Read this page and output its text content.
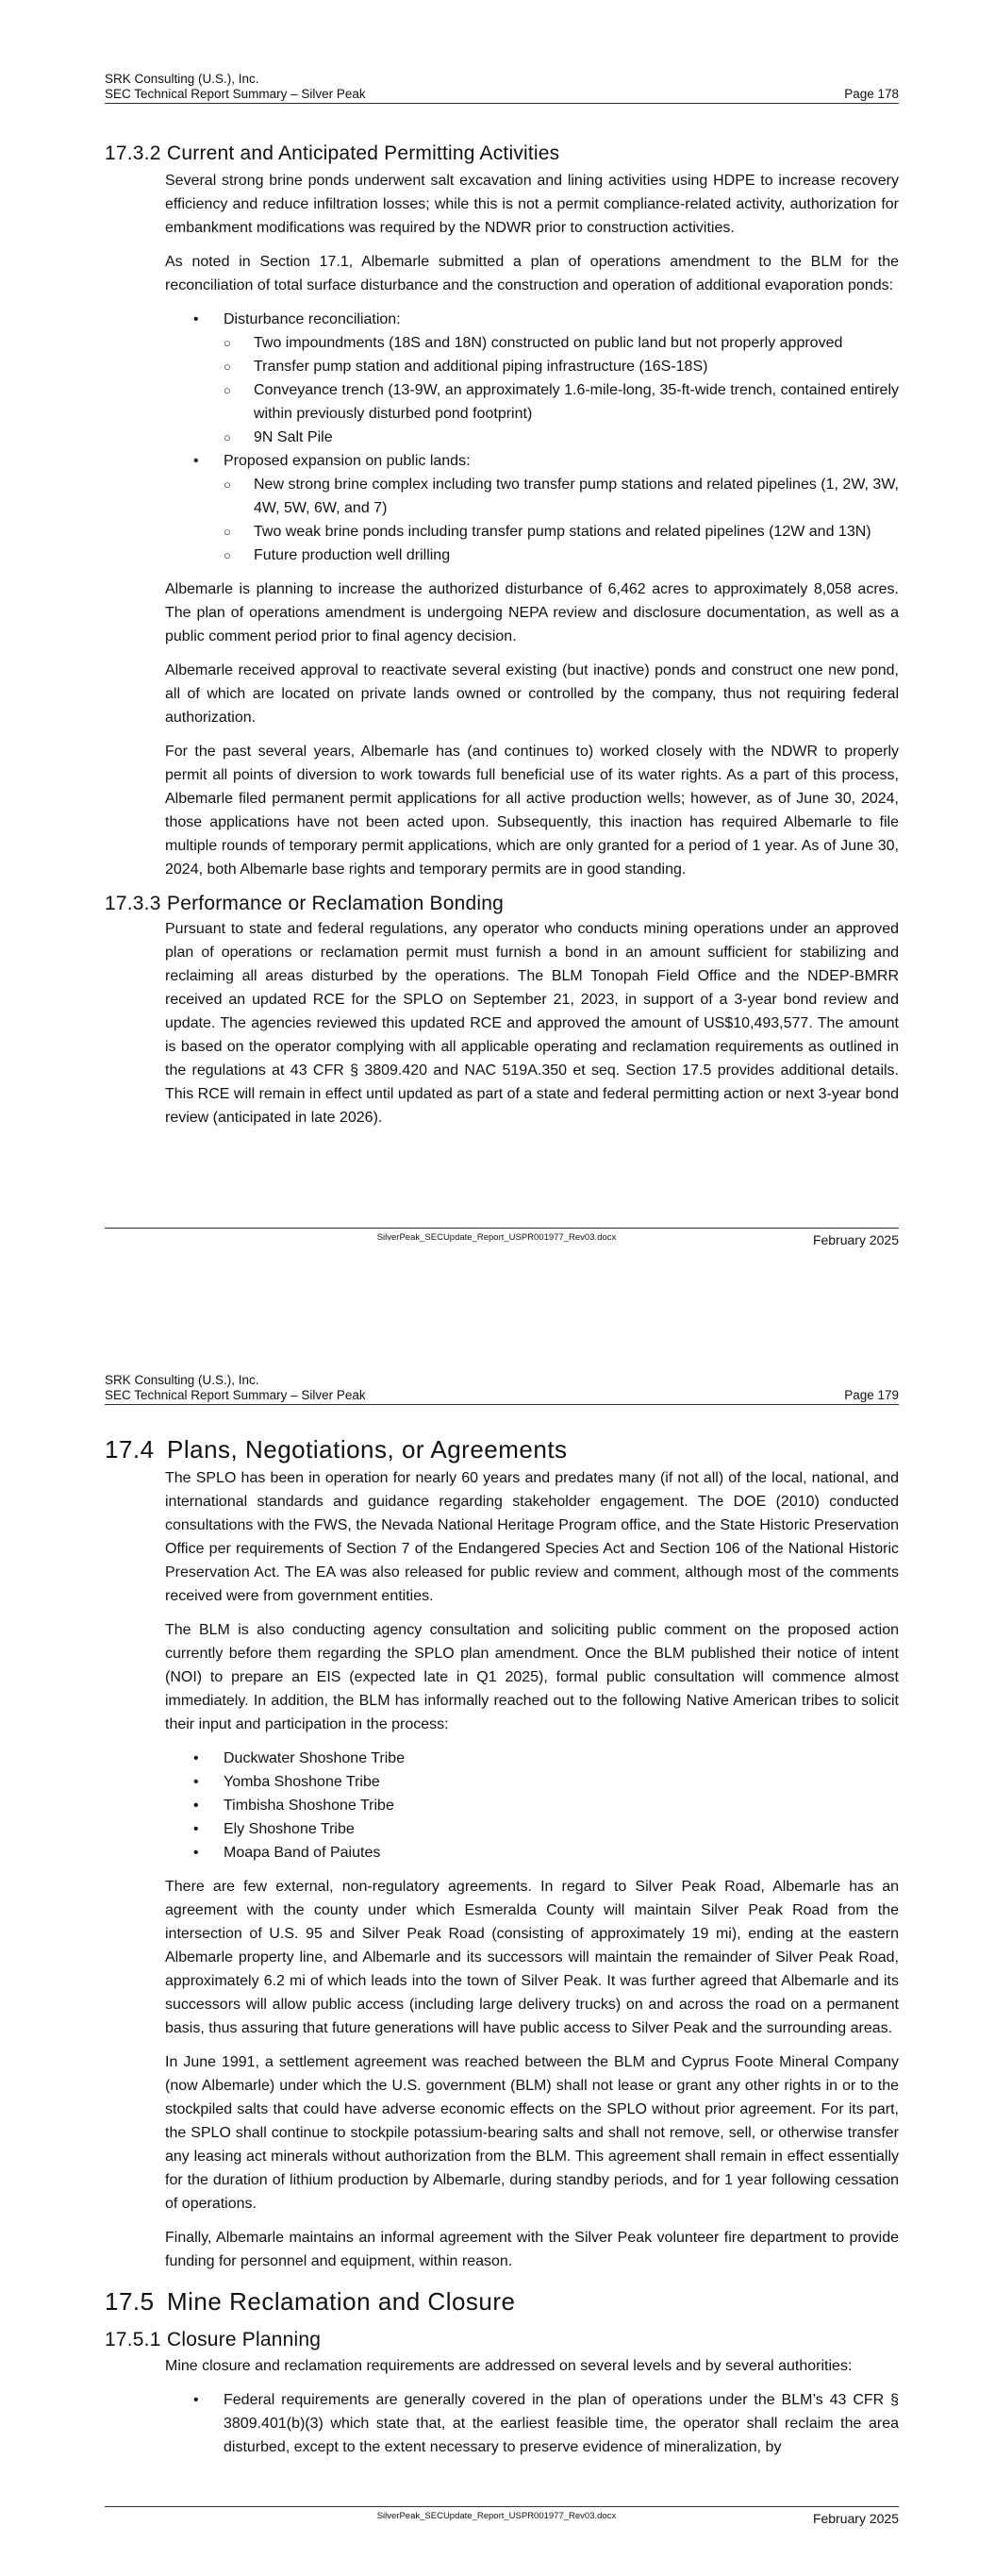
SRK Consulting (U.S.), Inc.
SEC Technical Report Summary – Silver Peak	Page 178
17.3.2 Current and Anticipated Permitting Activities

Several strong brine ponds underwent salt excavation and lining activities using HDPE to increase recovery efficiency and reduce infiltration losses; while this is not a permit compliance-related activity, authorization for embankment modifications was required by the NDWR prior to construction activities.

As noted in Section 17.1, Albemarle submitted a plan of operations amendment to the BLM for the reconciliation of total surface disturbance and the construction and operation of additional evaporation ponds:

• Disturbance reconciliation:
○ Two impoundments (18S and 18N) constructed on public land but not properly approved
○ Transfer pump station and additional piping infrastructure (16S-18S)
○ Conveyance trench (13-9W, an approximately 1.6-mile-long, 35-ft-wide trench, contained entirely within previously disturbed pond footprint)
○ 9N Salt Pile
• Proposed expansion on public lands:
○ New strong brine complex including two transfer pump stations and related pipelines (1, 2W, 3W, 4W, 5W, 6W, and 7)
○ Two weak brine ponds including transfer pump stations and related pipelines (12W and 13N)
○ Future production well drilling

Albemarle is planning to increase the authorized disturbance of 6,462 acres to approximately 8,058 acres. The plan of operations amendment is undergoing NEPA review and disclosure documentation, as well as a public comment period prior to final agency decision.

Albemarle received approval to reactivate several existing (but inactive) ponds and construct one new pond, all of which are located on private lands owned or controlled by the company, thus not requiring federal authorization.

For the past several years, Albemarle has (and continues to) worked closely with the NDWR to properly permit all points of diversion to work towards full beneficial use of its water rights. As a part of this process, Albemarle filed permanent permit applications for all active production wells; however, as of June 30, 2024, those applications have not been acted upon. Subsequently, this inaction has required Albemarle to file multiple rounds of temporary permit applications, which are only granted for a period of 1 year. As of June 30, 2024, both Albemarle base rights and temporary permits are in good standing.

17.3.3 Performance or Reclamation Bonding

Pursuant to state and federal regulations, any operator who conducts mining operations under an approved plan of operations or reclamation permit must furnish a bond in an amount sufficient for stabilizing and reclaiming all areas disturbed by the operations. The BLM Tonopah Field Office and the NDEP-BMRR received an updated RCE for the SPLO on September 21, 2023, in support of a 3-year bond review and update. The agencies reviewed this updated RCE and approved the amount of US$10,493,577. The amount is based on the operator complying with all applicable operating and reclamation requirements as outlined in the regulations at 43 CFR § 3809.420 and NAC 519A.350 et seq. Section 17.5 provides additional details. This RCE will remain in effect until updated as part of a state and federal permitting action or next 3-year bond review (anticipated in late 2026).

SilverPeak_SECUpdate_Report_USPR001977_Rev03.docx	February 2025
SRK Consulting (U.S.), Inc.
SEC Technical Report Summary – Silver Peak	Page 179
17.4 Plans, Negotiations, or Agreements

The SPLO has been in operation for nearly 60 years and predates many (if not all) of the local, national, and international standards and guidance regarding stakeholder engagement. The DOE (2010) conducted consultations with the FWS, the Nevada National Heritage Program office, and the State Historic Preservation Office per requirements of Section 7 of the Endangered Species Act and Section 106 of the National Historic Preservation Act. The EA was also released for public review and comment, although most of the comments received were from government entities.

The BLM is also conducting agency consultation and soliciting public comment on the proposed action currently before them regarding the SPLO plan amendment. Once the BLM published their notice of intent (NOI) to prepare an EIS (expected late in Q1 2025), formal public consultation will commence almost immediately. In addition, the BLM has informally reached out to the following Native American tribes to solicit their input and participation in the process:

• Duckwater Shoshone Tribe
• Yomba Shoshone Tribe
• Timbisha Shoshone Tribe
• Ely Shoshone Tribe
• Moapa Band of Paiutes

There are few external, non-regulatory agreements. In regard to Silver Peak Road, Albemarle has an agreement with the county under which Esmeralda County will maintain Silver Peak Road from the intersection of U.S. 95 and Silver Peak Road (consisting of approximately 19 mi), ending at the eastern Albemarle property line, and Albemarle and its successors will maintain the remainder of Silver Peak Road, approximately 6.2 mi of which leads into the town of Silver Peak. It was further agreed that Albemarle and its successors will allow public access (including large delivery trucks) on and across the road on a permanent basis, thus assuring that future generations will have public access to Silver Peak and the surrounding areas.

In June 1991, a settlement agreement was reached between the BLM and Cyprus Foote Mineral Company (now Albemarle) under which the U.S. government (BLM) shall not lease or grant any other rights in or to the stockpiled salts that could have adverse economic effects on the SPLO without prior agreement. For its part, the SPLO shall continue to stockpile potassium-bearing salts and shall not remove, sell, or otherwise transfer any leasing act minerals without authorization from the BLM. This agreement shall remain in effect essentially for the duration of lithium production by Albemarle, during standby periods, and for 1 year following cessation of operations.

Finally, Albemarle maintains an informal agreement with the Silver Peak volunteer fire department to provide funding for personnel and equipment, within reason.

17.5 Mine Reclamation and Closure
17.5.1 Closure Planning

Mine closure and reclamation requirements are addressed on several levels and by several authorities:

• Federal requirements are generally covered in the plan of operations under the BLM’s 43 CFR § 3809.401(b)(3) which state that, at the earliest feasible time, the operator shall reclaim the area disturbed, except to the extent necessary to preserve evidence of mineralization, by
SilverPeak_SECUpdate_Report_USPR001977_Rev03.docx	February 2025
